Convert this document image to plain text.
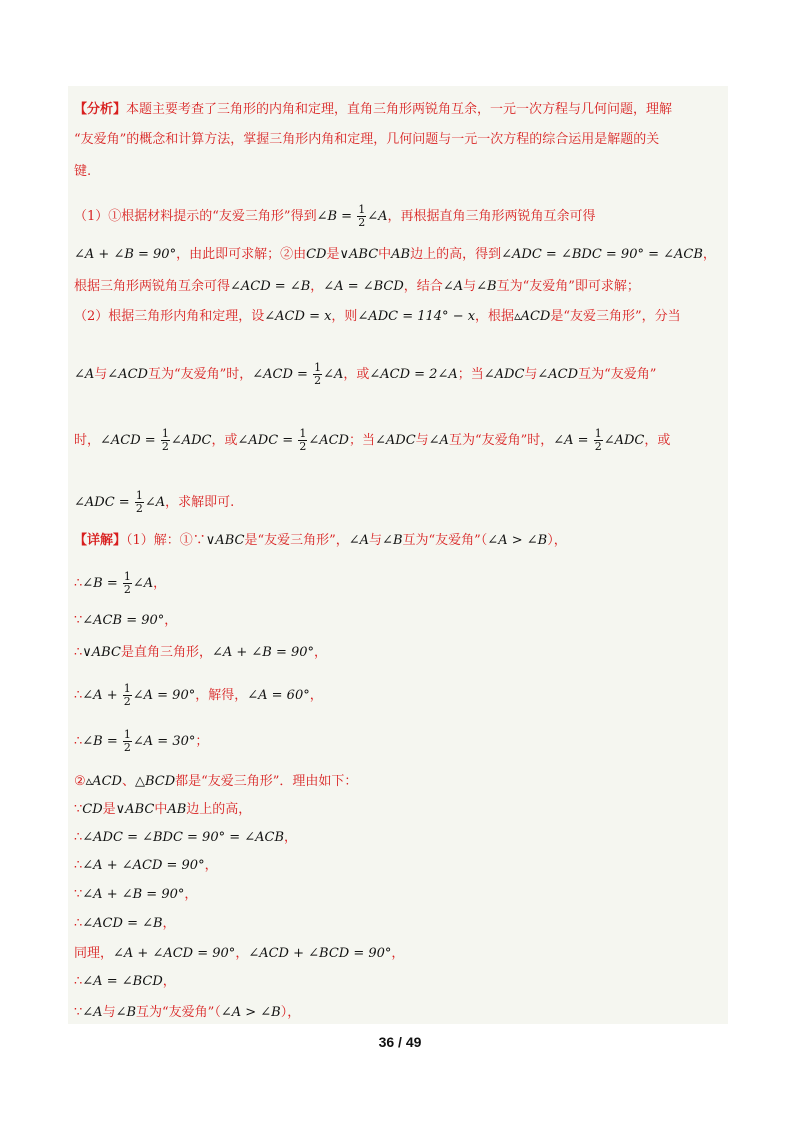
【分析】本题主要考查了三角形的内角和定理，直角三角形两锐角互余，一元一次方程与几何问题，理解
“友爱角”的概念和计算方法，掌握三角形内角和定理，几何问题与一元一次方程的综合运用是解题的关
键.
（1）①根据材料提示的“友爱三角形”得到∠B = $\frac{1}{2}$ ∠A，再根据直角三角形两锐角互余可得
∠A + ∠B = 90°，由此即可求解；②由CD是∨ABC中AB边上的高，得到∠ADC = ∠BDC = 90° = ∠ACB，
根据三角形两锐角互余可得∠ACD = ∠B，∠A = ∠BCD，结合∠A与∠B互为“友爱角”即可求解；
（2）根据三角形内角和定理，设∠ACD = x，则∠ADC = 114° − x，根据▵ACD是“友爱三角形”，分当
∠A与∠ACD互为“友爱角”时，∠ACD = $\frac{1}{2}$ ∠A，或∠ACD = 2∠A；当∠ADC与∠ACD互为“友爱角”
时，∠ACD = $\frac{1}{2}$ ∠ADC，或∠ADC = $\frac{1}{2}$ ∠ACD；当∠ADC与∠A互为“友爱角”时，∠A = $\frac{1}{2}$ ∠ADC，或
∠ADC = $\frac{1}{2}$ ∠A，求解即可.
【详解】（1）解：①∵∨ABC是“友爱三角形”，∠A与∠B互为“友爱角”（∠A > ∠B），
∴∠B = $\frac{1}{2}$ ∠A，
∵∠ACB = 90°，
∴∨ABC是直角三角形，∠A + ∠B = 90°，
∴∠A + $\frac{1}{2}$ ∠A = 90°，解得，∠A = 60°，
∴∠B = $\frac{1}{2}$ ∠A = 30°；
②▵ACD、△BCD都是“友爱三角形”．理由如下：
∵CD是∨ABC中AB边上的高，
∴∠ADC = ∠BDC = 90° = ∠ACB，
∴∠A + ∠ACD = 90°，
∵∠A + ∠B = 90°，
∴∠ACD = ∠B，
同理，∠A + ∠ACD = 90°，∠ACD + ∠BCD = 90°，
∴∠A = ∠BCD，
∵∠A与∠B互为“友爱角”（∠A > ∠B），
36 / 49
